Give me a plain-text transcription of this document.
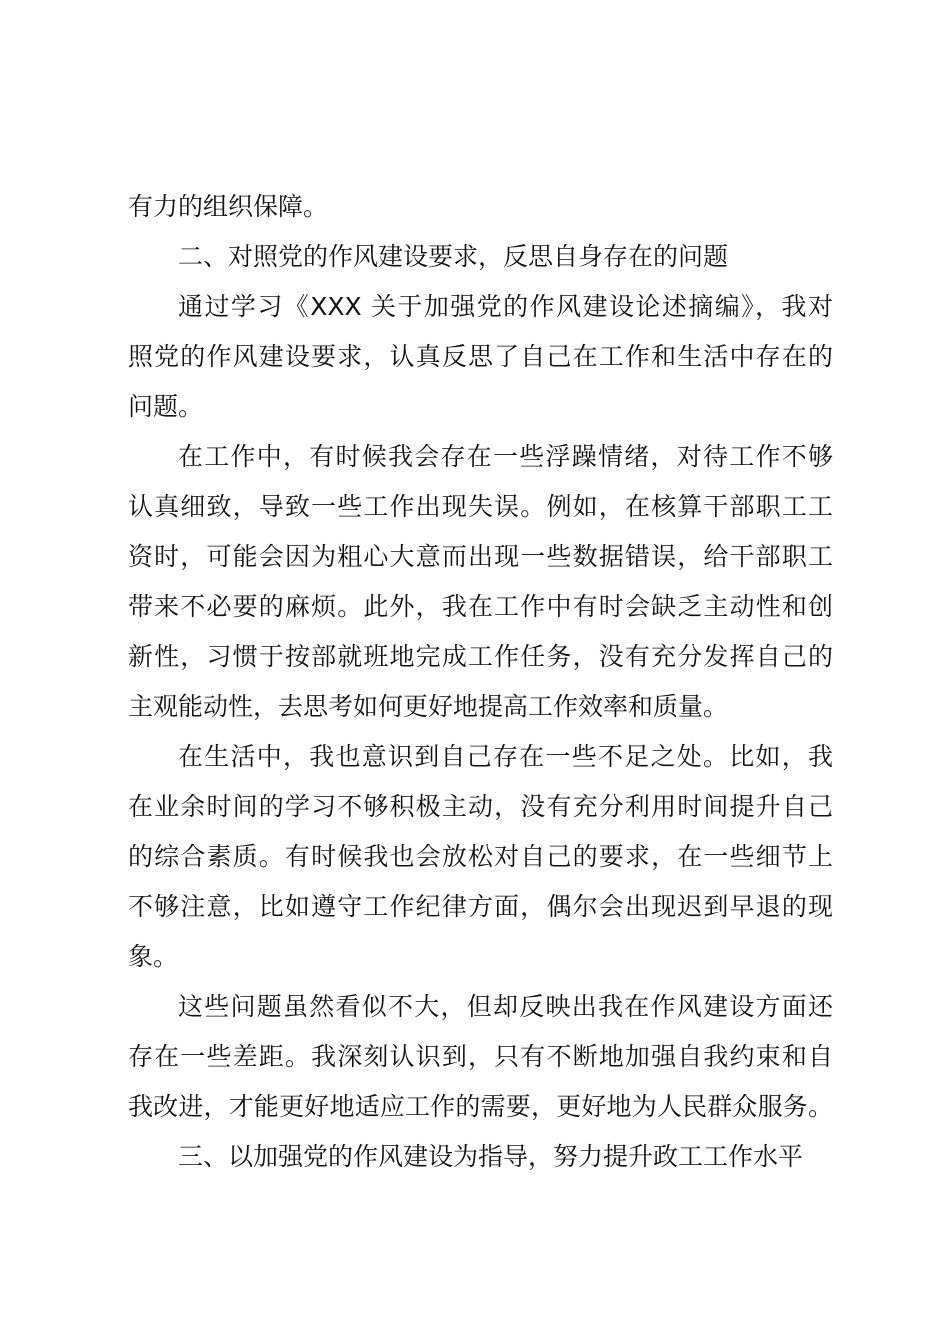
有力的组织保障。
二、对照党的作风建设要求，反思自身存在的问题
通过学习《XXX 关于加强党的作风建设论述摘编》，我对
照党的作风建设要求，认真反思了自己在工作和生活中存在的
问题。
在工作中，有时候我会存在一些浮躁情绪，对待工作不够
认真细致，导致一些工作出现失误。例如，在核算干部职工工
资时，可能会因为粗心大意而出现一些数据错误，给干部职工
带来不必要的麻烦。此外，我在工作中有时会缺乏主动性和创
新性，习惯于按部就班地完成工作任务，没有充分发挥自己的
主观能动性，去思考如何更好地提高工作效率和质量。
在生活中，我也意识到自己存在一些不足之处。比如，我
在业余时间的学习不够积极主动，没有充分利用时间提升自己
的综合素质。有时候我也会放松对自己的要求，在一些细节上
不够注意，比如遵守工作纪律方面，偶尔会出现迟到早退的现
象。
这些问题虽然看似不大，但却反映出我在作风建设方面还
存在一些差距。我深刻认识到，只有不断地加强自我约束和自
我改进，才能更好地适应工作的需要，更好地为人民群众服务。
三、以加强党的作风建设为指导，努力提升政工工作水平
